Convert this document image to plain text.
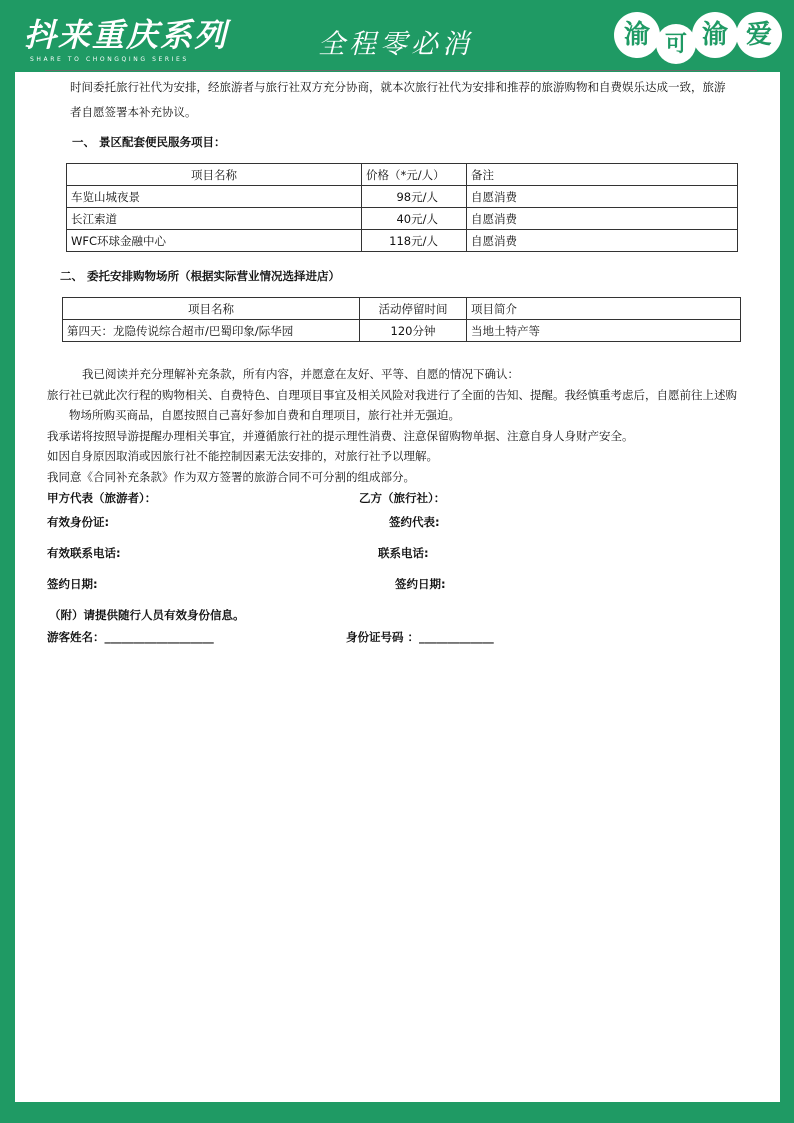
抖来重庆系列
SHARE TO CHONGQING SERIES	全程零必消	渝 可 渝 爱
时间委托旅行社代为安排，经旅游者与旅行社双方充分协商，就本次旅行社代为安排和推荐的旅游购物和自费娱乐达成一致，旅游
者自愿签署本补充协议。
一、 景区配套便民服务项目：
项目名称	价格（*元/人）	备注
车览山城夜景	98元/人	自愿消费
长江索道	40元/人	自愿消费
WFC环球金融中心	118元/人	自愿消费
二、 委托安排购物场所（根据实际营业情况选择进店）
项目名称	活动停留时间	项目简介
第四天：龙隐传说综合超市/巴蜀印象/际华园	120分钟	当地土特产等
我已阅读并充分理解补充条款，所有内容，并愿意在友好、平等、自愿的情况下确认：
旅行社已就此次行程的购物相关、自费特色、自理项目事宜及相关风险对我进行了全面的告知、提醒。我经慎重考虑后，自愿前往上述购
物场所购买商品，自愿按照自己喜好参加自费和自理项目，旅行社并无强迫。
我承诺将按照导游提醒办理相关事宜，并遵循旅行社的提示理性消费、注意保留购物单据、注意自身人身财产安全。
如因自身原因取消或因旅行社不能控制因素无法安排的，对旅行社予以理解。
我同意《合同补充条款》作为双方签署的旅游合同不可分割的组成部分。
甲方代表（旅游者）：	乙方（旅行社）：
有效身份证:	签约代表:
有效联系电话:	联系电话:
签约日期:	签约日期:
（附）请提供随行人员有效身份信息。
游客姓名：___________________	身份证号码 ：_____________
